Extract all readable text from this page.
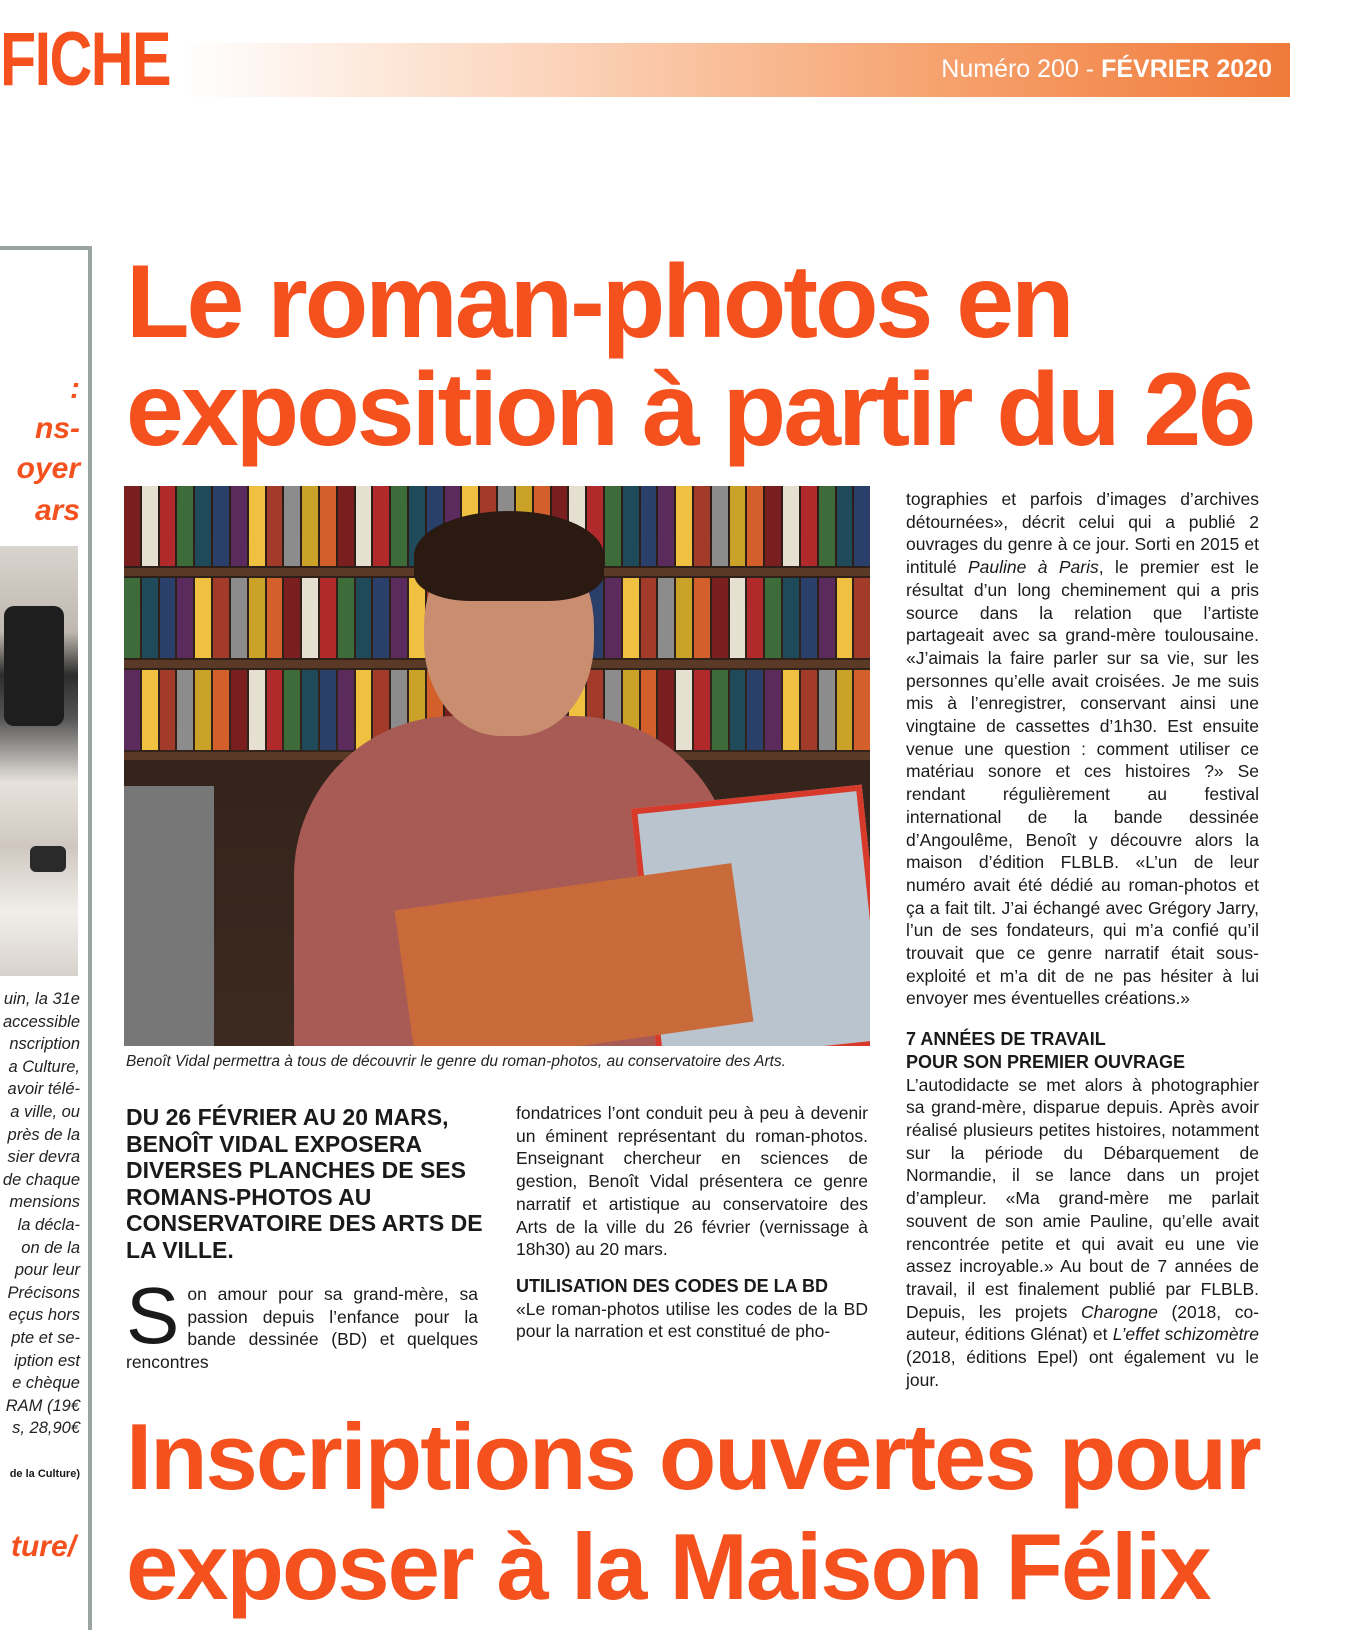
FICHE	Numéro 200 - FÉVRIER 2020
:
ns-
oyer
ars
uin, la 31e
accessible
nscription
a Culture,
avoir télé-
a ville, ou
près de la
sier devra
de chaque
mensions
la décla-
on de la
pour leur
Précisons
eçus hors
pte et se-
iption est
e chèque
RAM (19€
s, 28,90€
de la Culture)
ture/
Le roman-photos en exposition à partir du 26
Benoît Vidal permettra à tous de découvrir le genre du roman-photos, au conservatoire des Arts.
DU 26 FÉVRIER AU 20 MARS, BENOÎT VIDAL EXPOSERA DIVERSES PLANCHES DE SES ROMANS-PHOTOS AU CONSERVATOIRE DES ARTS DE LA VILLE.
Son amour pour sa grand-mère, sa passion depuis l’enfance pour la bande dessinée (BD) et quelques rencontres

fondatrices l’ont conduit peu à peu à devenir un éminent représentant du roman-photos. Enseignant chercheur en sciences de gestion, Benoît Vidal présentera ce genre narratif et artistique au conservatoire des Arts de la ville du 26 février (vernissage à 18h30) au 20 mars.

UTILISATION DES CODES DE LA BD

«Le roman-photos utilise les codes de la BD pour la narration et est constitué de pho-

tographies et parfois d’images d’archives détournées», décrit celui qui a publié 2 ouvrages du genre à ce jour. Sorti en 2015 et intitulé Pauline à Paris, le premier est le résultat d’un long cheminement qui a pris source dans la relation que l’artiste partageait avec sa grand-mère toulousaine. «J’aimais la faire parler sur sa vie, sur les personnes qu’elle avait croisées. Je me suis mis à l’enregistrer, conservant ainsi une vingtaine de cassettes d’1h30. Est ensuite venue une question : comment utiliser ce matériau sonore et ces histoires ?» Se rendant régulièrement au festival international de la bande dessinée d’Angoulême, Benoît y découvre alors la maison d’édition FLBLB. «L’un de leur numéro avait été dédié au roman-photos et ça a fait tilt. J’ai échangé avec Grégory Jarry, l’un de ses fondateurs, qui m’a confié qu’il trouvait que ce genre narratif était sous-exploité et m’a dit de ne pas hésiter à lui envoyer mes éventuelles créations.»

7 ANNÉES DE TRAVAIL
POUR SON PREMIER OUVRAGE

L’autodidacte se met alors à photographier sa grand-mère, disparue depuis. Après avoir réalisé plusieurs petites histoires, notamment sur la période du Débarquement de Normandie, il se lance dans un projet d’ampleur. «Ma grand-mère me parlait souvent de son amie Pauline, qu’elle avait rencontrée petite et qui avait eu une vie assez incroyable.» Au bout de 7 années de travail, il est finalement publié par FLBLB. Depuis, les projets Charogne (2018, co-auteur, éditions Glénat) et L’effet schizomètre (2018, éditions Epel) ont également vu le jour.

Inscriptions ouvertes pour
exposer à la Maison Félix
